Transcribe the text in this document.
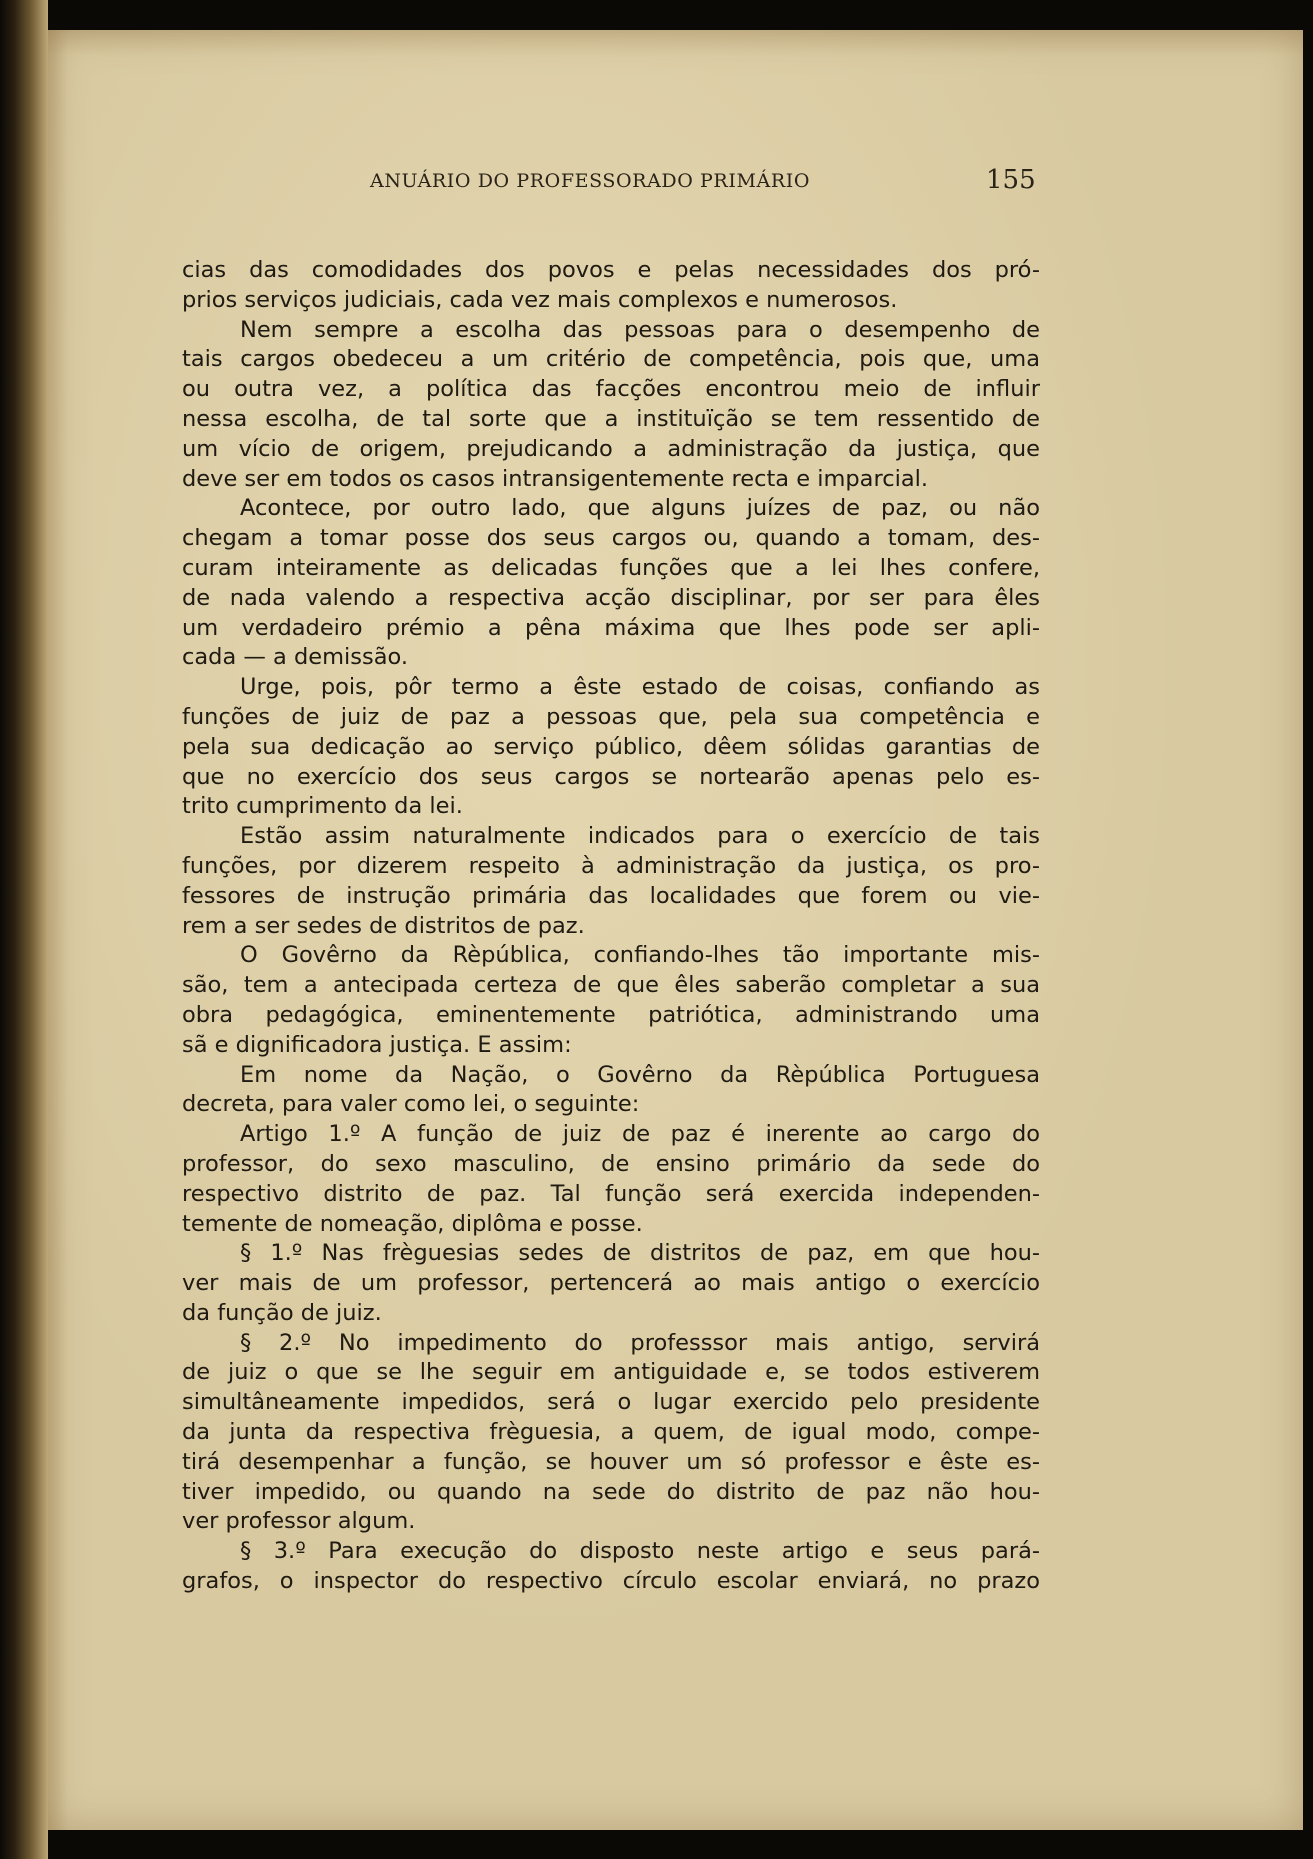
ANUÁRIO DO PROFESSORADO PRIMÁRIO	155
cias das comodidades dos povos e pelas necessidades dos pró-
prios serviços judiciais, cada vez mais complexos e numerosos.
Nem sempre a escolha das pessoas para o desempenho de
tais cargos obedeceu a um critério de competência, pois que, uma
ou outra vez, a política das facções encontrou meio de influir
nessa escolha, de tal sorte que a instituïção se tem ressentido de
um vício de origem, prejudicando a administração da justiça, que
deve ser em todos os casos intransigentemente recta e imparcial.
Acontece, por outro lado, que alguns juízes de paz, ou não
chegam a tomar posse dos seus cargos ou, quando a tomam, des-
curam inteiramente as delicadas funções que a lei lhes confere,
de nada valendo a respectiva acção disciplinar, por ser para êles
um verdadeiro prémio a pêna máxima que lhes pode ser apli-
cada — a demissão.
Urge, pois, pôr termo a êste estado de coisas, confiando as
funções de juiz de paz a pessoas que, pela sua competência e
pela sua dedicação ao serviço público, dêem sólidas garantias de
que no exercício dos seus cargos se nortearão apenas pelo es-
trito cumprimento da lei.
Estão assim naturalmente indicados para o exercício de tais
funções, por dizerem respeito à administração da justiça, os pro-
fessores de instrução primária das localidades que forem ou vie-
rem a ser sedes de distritos de paz.
O Govêrno da Rèpública, confiando-lhes tão importante mis-
são, tem a antecipada certeza de que êles saberão completar a sua
obra pedagógica, eminentemente patriótica, administrando uma
sã e dignificadora justiça. E assim:
Em nome da Nação, o Govêrno da Rèpública Portuguesa
decreta, para valer como lei, o seguinte:
Artigo 1.º A função de juiz de paz é inerente ao cargo do
professor, do sexo masculino, de ensino primário da sede do
respectivo distrito de paz. Tal função será exercida independen-
temente de nomeação, diplôma e posse.
§ 1.º Nas frèguesias sedes de distritos de paz, em que hou-
ver mais de um professor, pertencerá ao mais antigo o exercício
da função de juiz.
§ 2.º No impedimento do professsor mais antigo, servirá
de juiz o que se lhe seguir em antiguidade e, se todos estiverem
simultâneamente impedidos, será o lugar exercido pelo presidente
da junta da respectiva frèguesia, a quem, de igual modo, compe-
tirá desempenhar a função, se houver um só professor e êste es-
tiver impedido, ou quando na sede do distrito de paz não hou-
ver professor algum.
§ 3.º Para execução do disposto neste artigo e seus pará-
grafos, o inspector do respectivo círculo escolar enviará, no prazo
